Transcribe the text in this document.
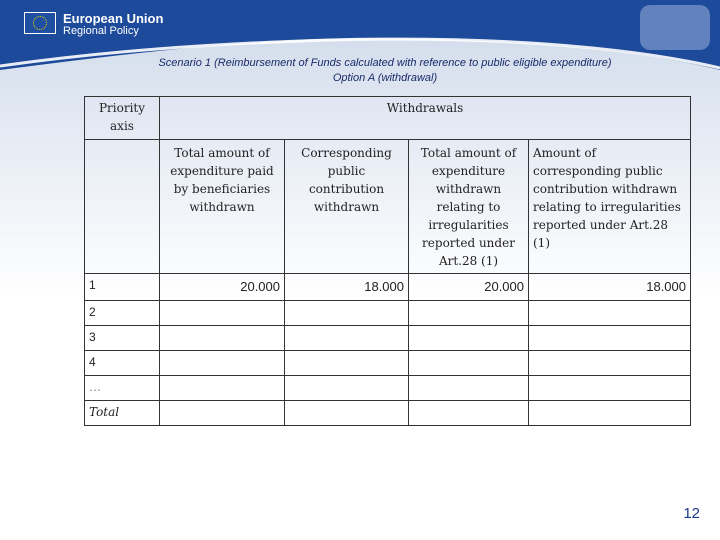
European Union
Regional Policy
Scenario 1 (Reimbursement of Funds calculated with reference to public eligible expenditure)
Option A (withdrawal)
Priority axis	Withdrawals			
	Total amount of expenditure paid by beneficiaries withdrawn	Corresponding public contribution withdrawn	Total amount of expenditure withdrawn relating to irregularities reported under Art.28 (1)	Amount of corresponding public contribution withdrawn relating to irregularities reported under Art.28 (1)
1	20.000	18.000	20.000	18.000
2				
3				
4				
…				
Total				
12
